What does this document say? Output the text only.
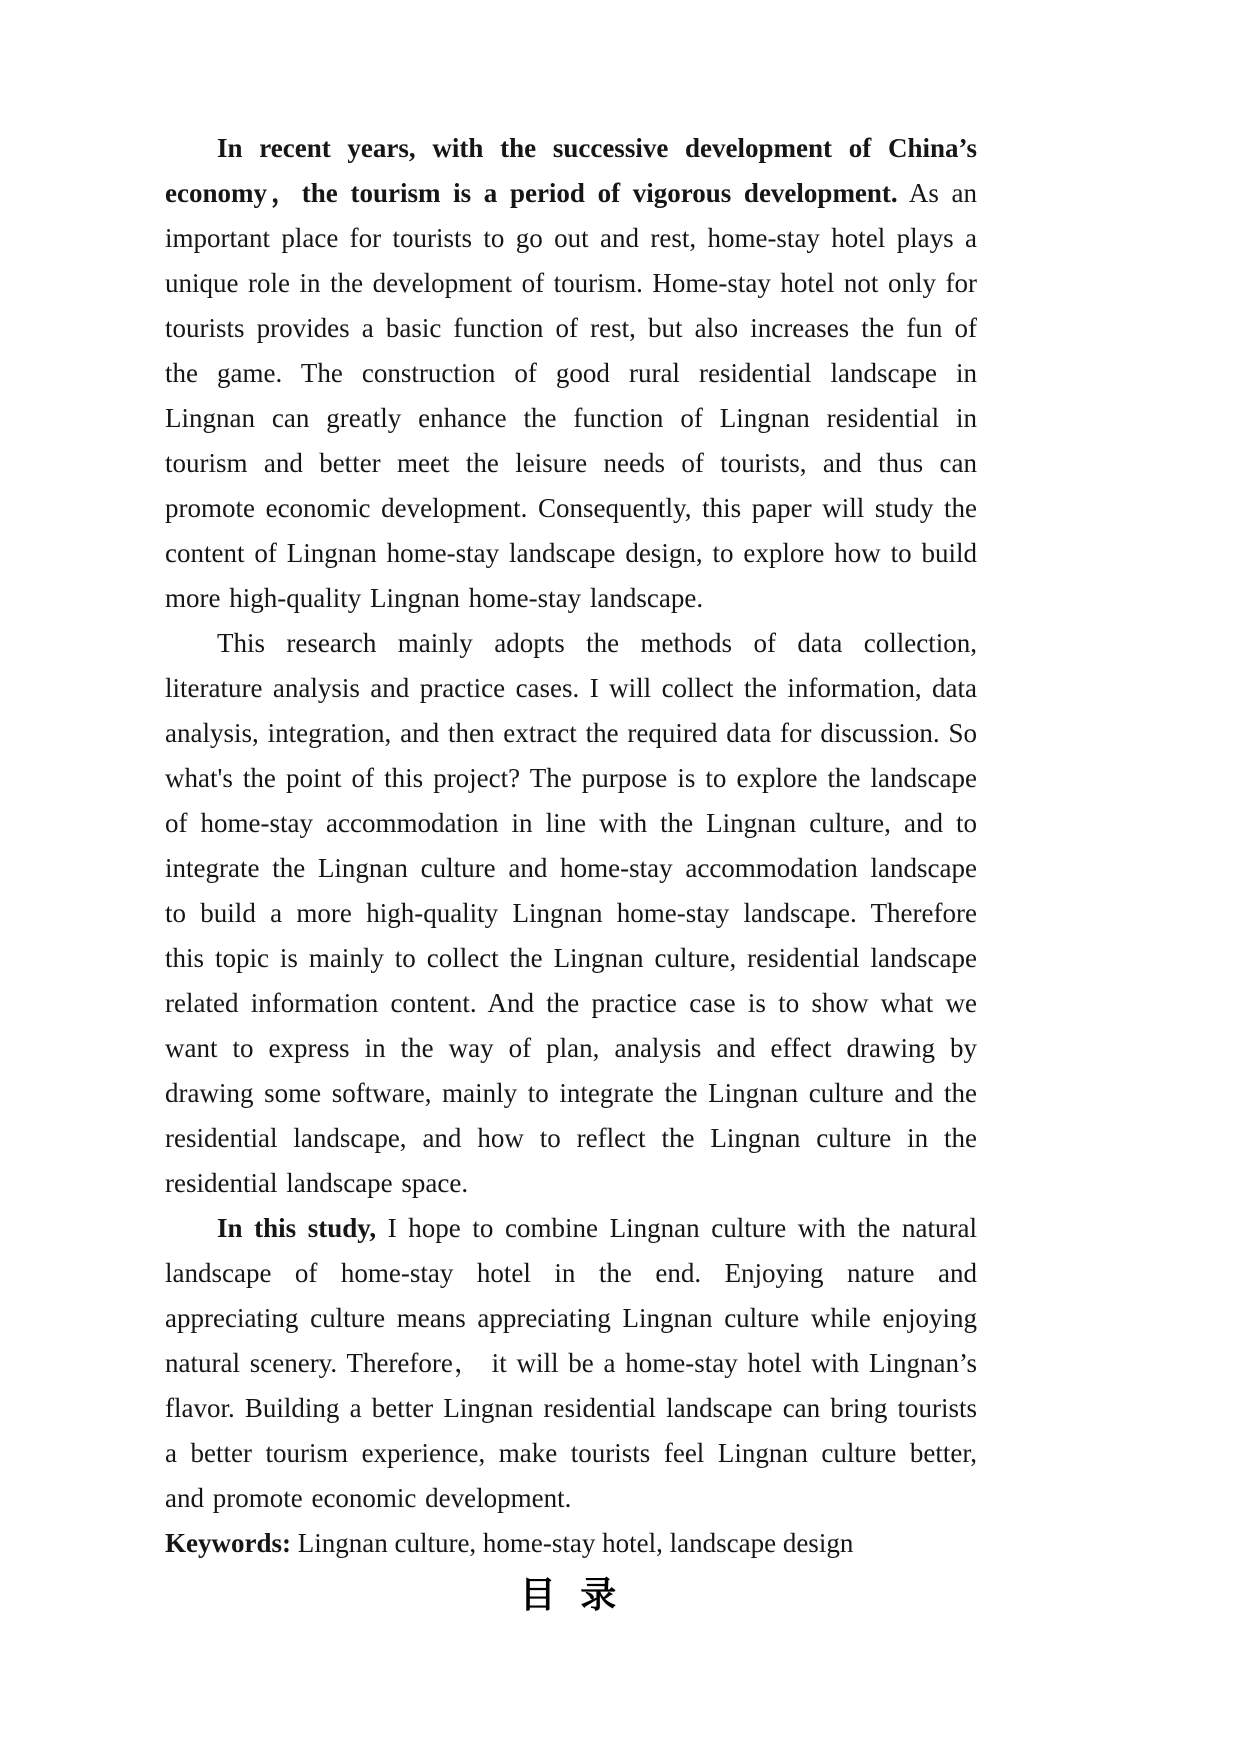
In recent years, with the successive development of China’s economy，the tourism is a period of vigorous development. As an important place for tourists to go out and rest, home-stay hotel plays a unique role in the development of tourism. Home-stay hotel not only for tourists provides a basic function of rest, but also increases the fun of the game. The construction of good rural residential landscape in Lingnan can greatly enhance the function of Lingnan residential in tourism and better meet the leisure needs of tourists, and thus can promote economic development. Consequently, this paper will study the content of Lingnan home-stay landscape design, to explore how to build more high-quality Lingnan home-stay landscape.

This research mainly adopts the methods of data collection, literature analysis and practice cases. I will collect the information, data analysis, integration, and then extract the required data for discussion. So what's the point of this project? The purpose is to explore the landscape of home-stay accommodation in line with the Lingnan culture, and to integrate the Lingnan culture and home-stay accommodation landscape to build a more high-quality Lingnan home-stay landscape. Therefore this topic is mainly to collect the Lingnan culture, residential landscape related information content. And the practice case is to show what we want to express in the way of plan, analysis and effect drawing by drawing some software, mainly to integrate the Lingnan culture and the residential landscape, and how to reflect the Lingnan culture in the residential landscape space.

In this study, I hope to combine Lingnan culture with the natural landscape of home-stay hotel in the end. Enjoying nature and appreciating culture means appreciating Lingnan culture while enjoying natural scenery. Therefore， it will be a home-stay hotel with Lingnan’s flavor. Building a better Lingnan residential landscape can bring tourists a better tourism experience, make tourists feel Lingnan culture better, and promote economic development.

Keywords: Lingnan culture, home-stay hotel, landscape design

目 录
